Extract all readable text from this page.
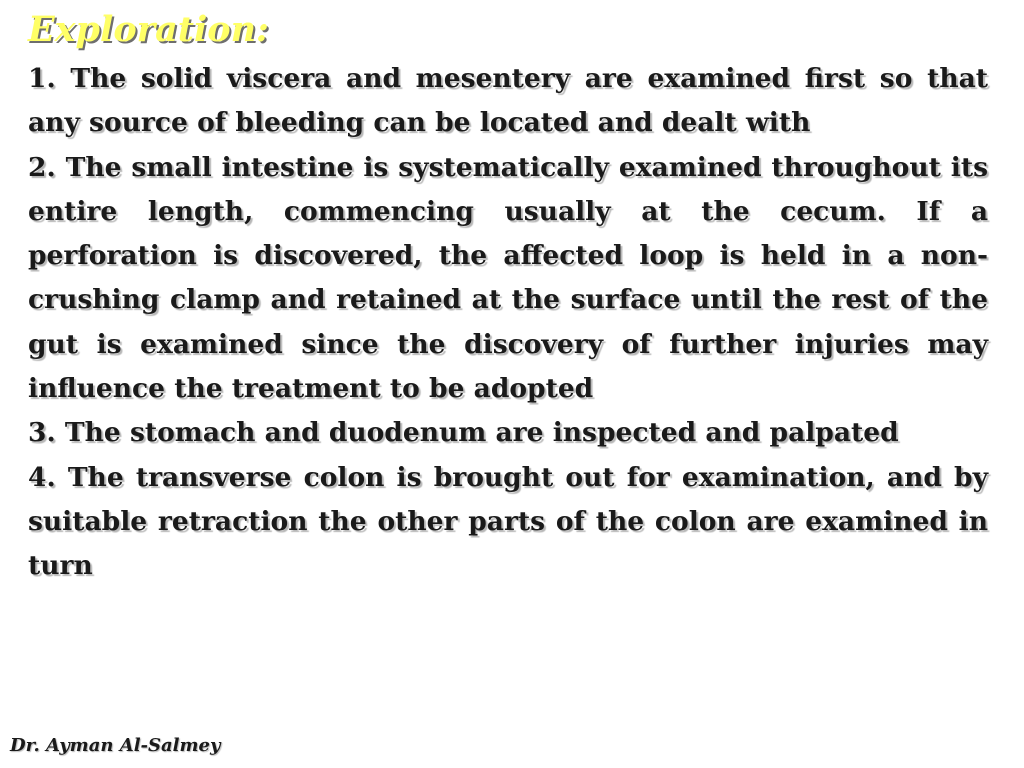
Exploration:

1. The solid viscera and mesentery are examined first so that any source of bleeding can be located and dealt with

2. The small intestine is systematically examined throughout its entire length, commencing usually at the cecum. If a perforation is discovered, the affected loop is held in a non-crushing clamp and retained at the surface until the rest of the gut is examined since the discovery of further injuries may influence the treatment to be adopted

3. The stomach and duodenum are inspected and palpated

4. The transverse colon is brought out for examination, and by suitable retraction the other parts of the colon are examined in turn

Dr. Ayman Al-Salmey
